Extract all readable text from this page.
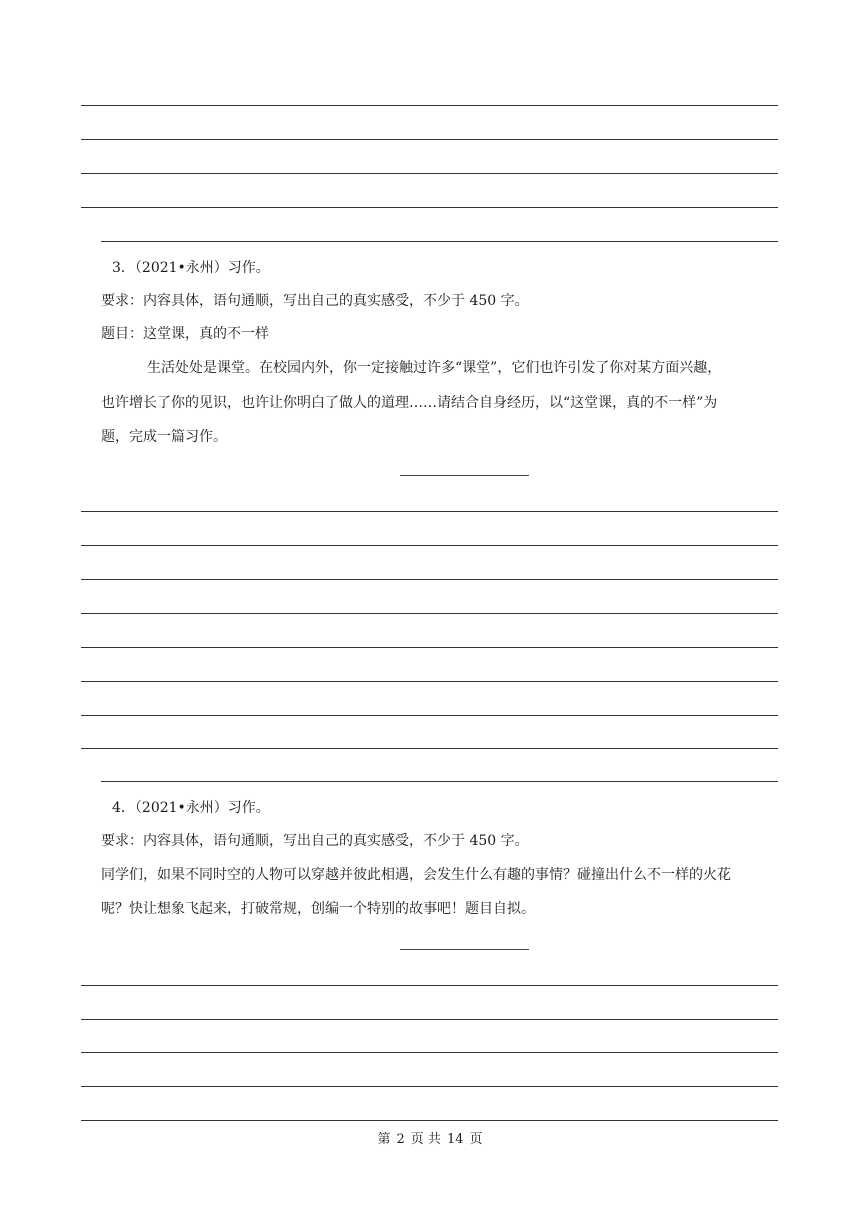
3．（2021•永州）习作。
要求：内容具体，语句通顺，写出自己的真实感受，不少于 450 字。
题目：这堂课，真的不一样
生活处处是课堂。在校园内外，你一定接触过许多“课堂”，它们也许引发了你对某方面兴趣，
也许增长了你的见识，也许让你明白了做人的道理……请结合自身经历，以“这堂课，真的不一样”为
题，完成一篇习作。
4．（2021•永州）习作。
要求：内容具体，语句通顺，写出自己的真实感受，不少于 450 字。
同学们，如果不同时空的人物可以穿越并彼此相遇，会发生什么有趣的事情？碰撞出什么不一样的火花
呢？快让想象飞起来，打破常规，创编一个特别的故事吧！题目自拟。
第 2 页 共 14 页
